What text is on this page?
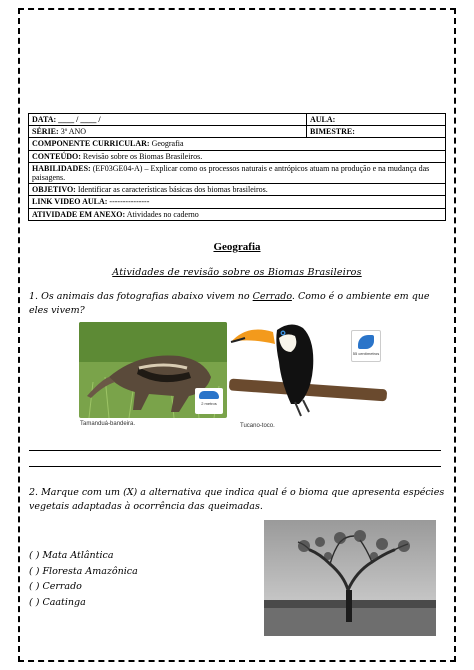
DATA: ____ / ____ /	AULA:
SÉRIE: 3º ANO	BIMESTRE:
COMPONENTE CURRICULAR: Geografia	
CONTEÚDO: Revisão sobre os Biomas Brasileiros.	
HABILIDADES: (EF03GE04-A) – Explicar como os processos naturais e antrópicos atuam na produção e na mudança das paisagens.	
OBJETIVO: Identificar as características básicas dos biomas brasileiros.	
LINK VIDEO AULA: ---------------	
ATIVIDADE EM ANEXO: Atividades no caderno	
Geografia
Atividades de revisão sobre os Biomas Brasileiros
1. Os animais das fotografias abaixo vivem no Cerrado. Como é o ambiente em que eles vivem?
2 metros
Tamanduá-bandeira.
55 centímetros
Tucano-toco.
2. Marque com um (X) a alternativa que indica qual é o bioma que apresenta espécies vegetais adaptadas à ocorrência das queimadas.
( ) Mata Atlântica
( ) Floresta Amazônica
( ) Cerrado
( ) Caatinga
